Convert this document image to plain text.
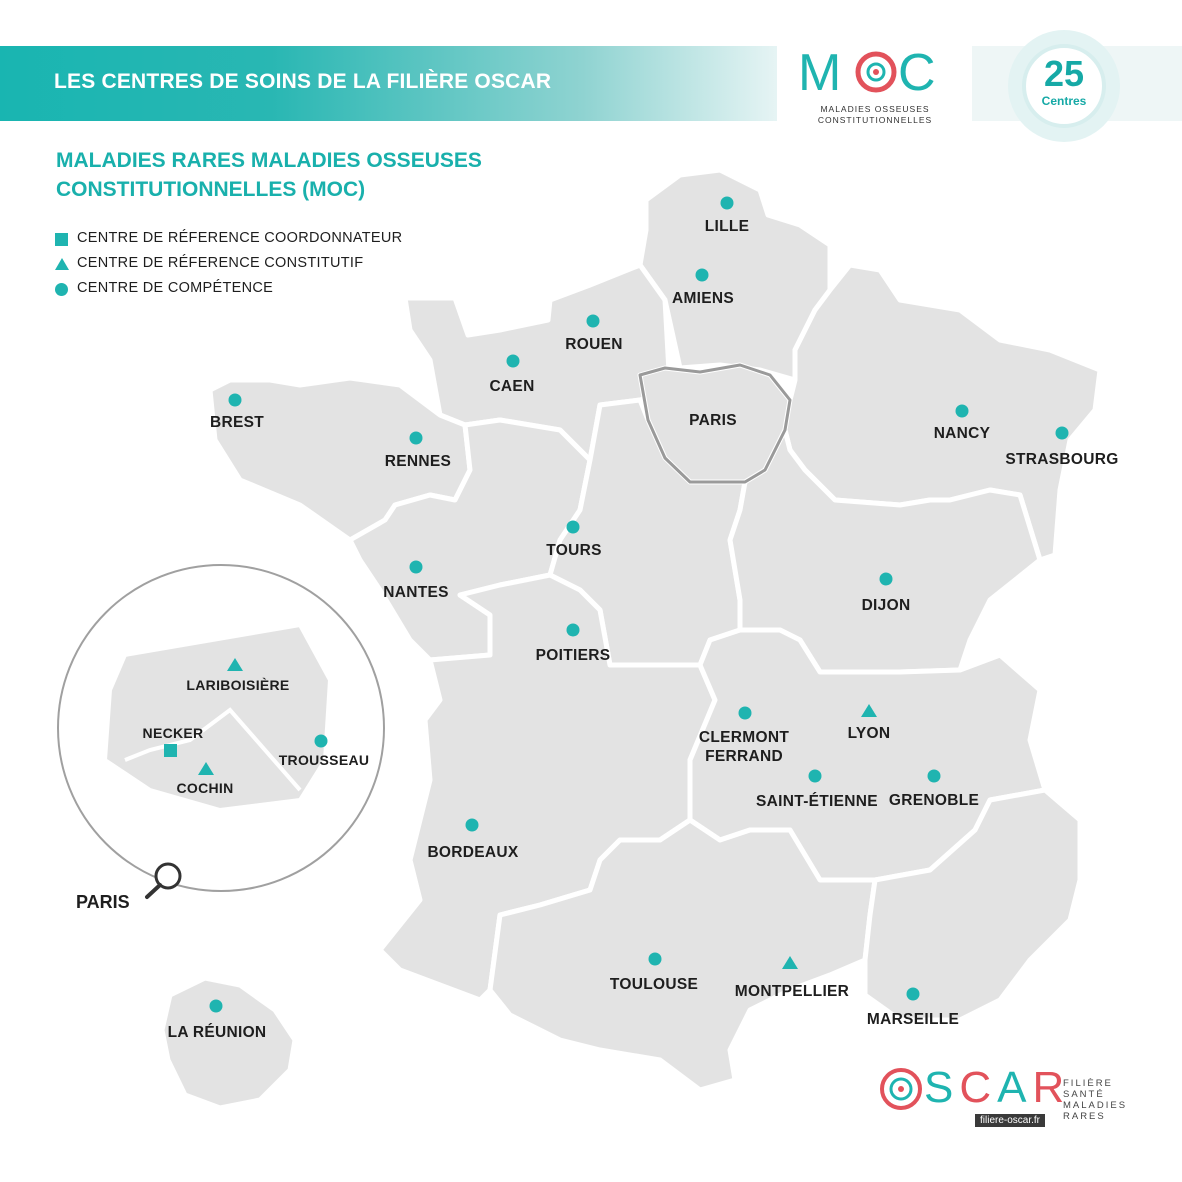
LES CENTRES DE SOINS DE LA FILIÈRE OSCAR	M C
MALADIES OSSEUSES
CONSTITUTIONNELLES
25
Centres
MALADIES RARES MALADIES OSSEUSES
CONSTITUTIONNELLES (MOC)
CENTRE DE RÉFERENCE COORDONNATEUR
CENTRE DE RÉFERENCE CONSTITUTIF
CENTRE DE COMPÉTENCE
LILLE
AMIENS
ROUEN
CAEN
BREST
RENNES
PARIS
NANCY
STRASBOURG
TOURS
NANTES
DIJON
POITIERS
CLERMONT
FERRAND
LYON
SAINT-ÉTIENNE GRENOBLE
BORDEAUX
TOULOUSE MONTPELLIER
MARSEILLE
LA RÉUNION
LARIBOISIÈRE
NECKER
COCHIN
TROUSSEAU
PARIS
SCAR
filiere-oscar.fr
FILIÈRE
SANTÉ
MALADIES
RARES
